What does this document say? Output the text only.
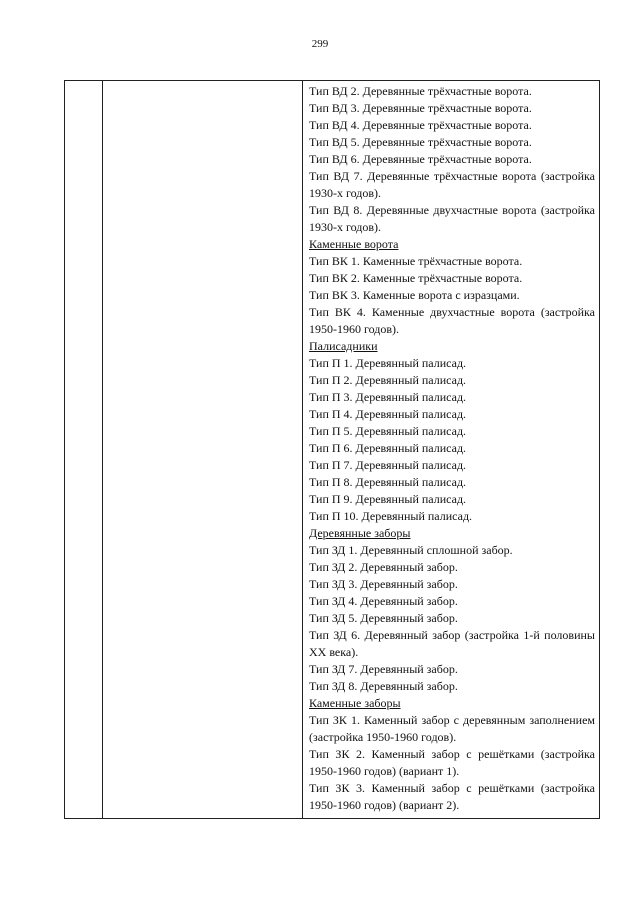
299

Тип ВД 2. Деревянные трёхчастные ворота.
Тип ВД 3. Деревянные трёхчастные ворота.
Тип ВД 4. Деревянные трёхчастные ворота.
Тип ВД 5. Деревянные трёхчастные ворота.
Тип ВД 6. Деревянные трёхчастные ворота.
Тип ВД 7. Деревянные трёхчастные ворота (застройка 1930-х годов).
Тип ВД 8. Деревянные двухчастные ворота (застройка 1930-х годов).
Каменные ворота
Тип ВК 1. Каменные трёхчастные ворота.
Тип ВК 2. Каменные трёхчастные ворота.
Тип ВК 3. Каменные ворота с изразцами.
Тип ВК 4. Каменные двухчастные ворота (застройка 1950-1960 годов).
Палисадники
Тип П 1. Деревянный палисад.
Тип П 2. Деревянный палисад.
Тип П 3. Деревянный палисад.
Тип П 4. Деревянный палисад.
Тип П 5. Деревянный палисад.
Тип П 6. Деревянный палисад.
Тип П 7. Деревянный палисад.
Тип П 8. Деревянный палисад.
Тип П 9. Деревянный палисад.
Тип П 10. Деревянный палисад.
Деревянные заборы
Тип ЗД 1. Деревянный сплошной забор.
Тип ЗД 2. Деревянный забор.
Тип ЗД 3. Деревянный забор.
Тип ЗД 4. Деревянный забор.
Тип ЗД 5. Деревянный забор.
Тип ЗД 6. Деревянный забор (застройка 1-й половины XX века).
Тип ЗД 7. Деревянный забор.
Тип ЗД 8. Деревянный забор.
Каменные заборы
Тип ЗК 1. Каменный забор с деревянным заполнением (застройка 1950-1960 годов).
Тип ЗК 2. Каменный забор с решётками (застройка 1950-1960 годов) (вариант 1).
Тип ЗК 3. Каменный забор с решётками (застройка 1950-1960 годов) (вариант 2).
